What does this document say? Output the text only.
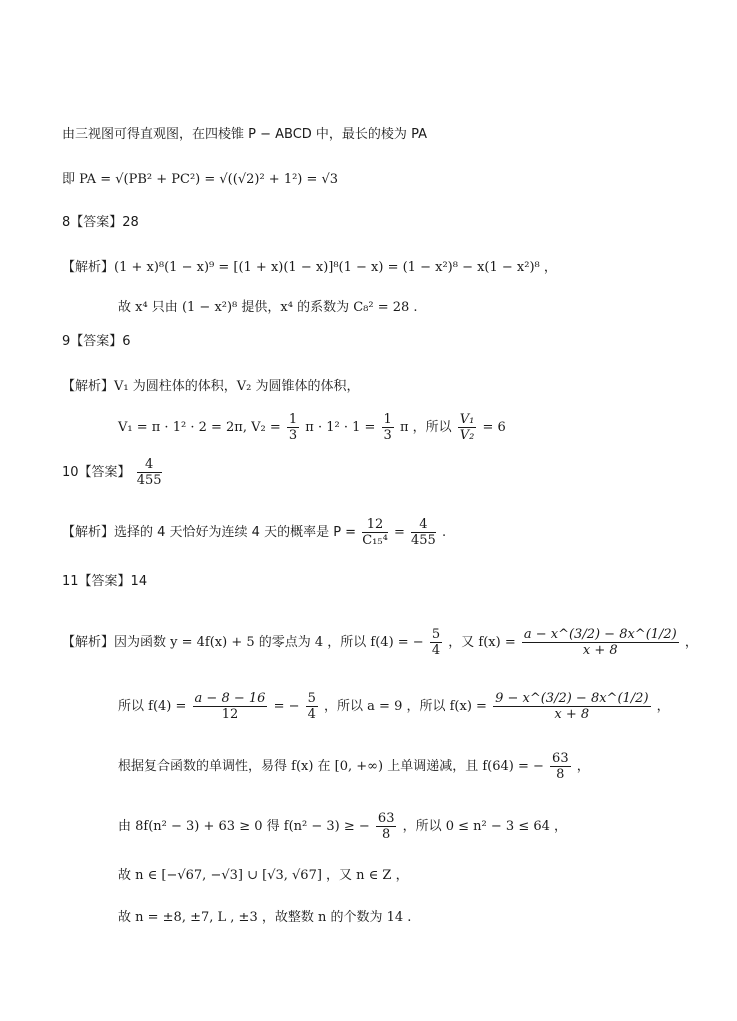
由三视图可得直观图，在四棱锥 P − ABCD 中，最长的棱为 PA
即 PA = √(PB² + PC²) = √((√2)² + 1²) = √3
8【答案】28
【解析】(1 + x)⁸(1 − x)⁹ = [(1 + x)(1 − x)]⁸(1 − x) = (1 − x²)⁸ − x(1 − x²)⁸ ，
故 x⁴ 只由 (1 − x²)⁸ 提供，x⁴ 的系数为 C₈² = 28 .
9【答案】6
【解析】V₁ 为圆柱体的体积，V₂ 为圆锥体的体积，
V₁ = π · 1² · 2 = 2π, $V_2 = \frac{1}{3}$ $\pi \cdot 1^2 \cdot 1 = \frac{1}{3}$ π ，所以 $\frac{\text{V₁}}{\text{V₂}} = 6$
10【答案】 $\frac{4}{455}$
【解析】选择的 4 天恰好为连续 4 天的概率是 $P = \frac{12}{\text{C₁₅⁴}} = \frac{4}{455}$ .
11【答案】14
【解析】因为函数 y = 4f(x) + 5 的零点为 4 ，所以 f(4) = − $\frac{5}{4}$ ，又 $f(x) = \frac{a - x\^{}(3/2) - 8x\^{}(1/2)}{x + 8}$ ，
所以 $f(4) = \frac{a - 8 - 16}{12}$ = − $\frac{5}{4}$ ，所以 a = 9 ，所以 $f(x) = \frac{9 - x\^{}(3/2) - 8x\^{}(1/2)}{x + 8}$ ，
根据复合函数的单调性，易得 f(x) 在 [0, +∞) 上单调递减，且 f(64) = − $\frac{63}{8}$ ，
由 8f(n² − 3) + 63 ≥ 0 得 f(n² − 3) ≥ − $\frac{63}{8}$ ，所以 0 ≤ n² − 3 ≤ 64 ，
故 n ∈ [−√67, −√3] ∪ [√3, √67] ，又 n ∈ Z ，
故 n = ±8, ±7, L , ±3 ，故整数 n 的个数为 14 .
